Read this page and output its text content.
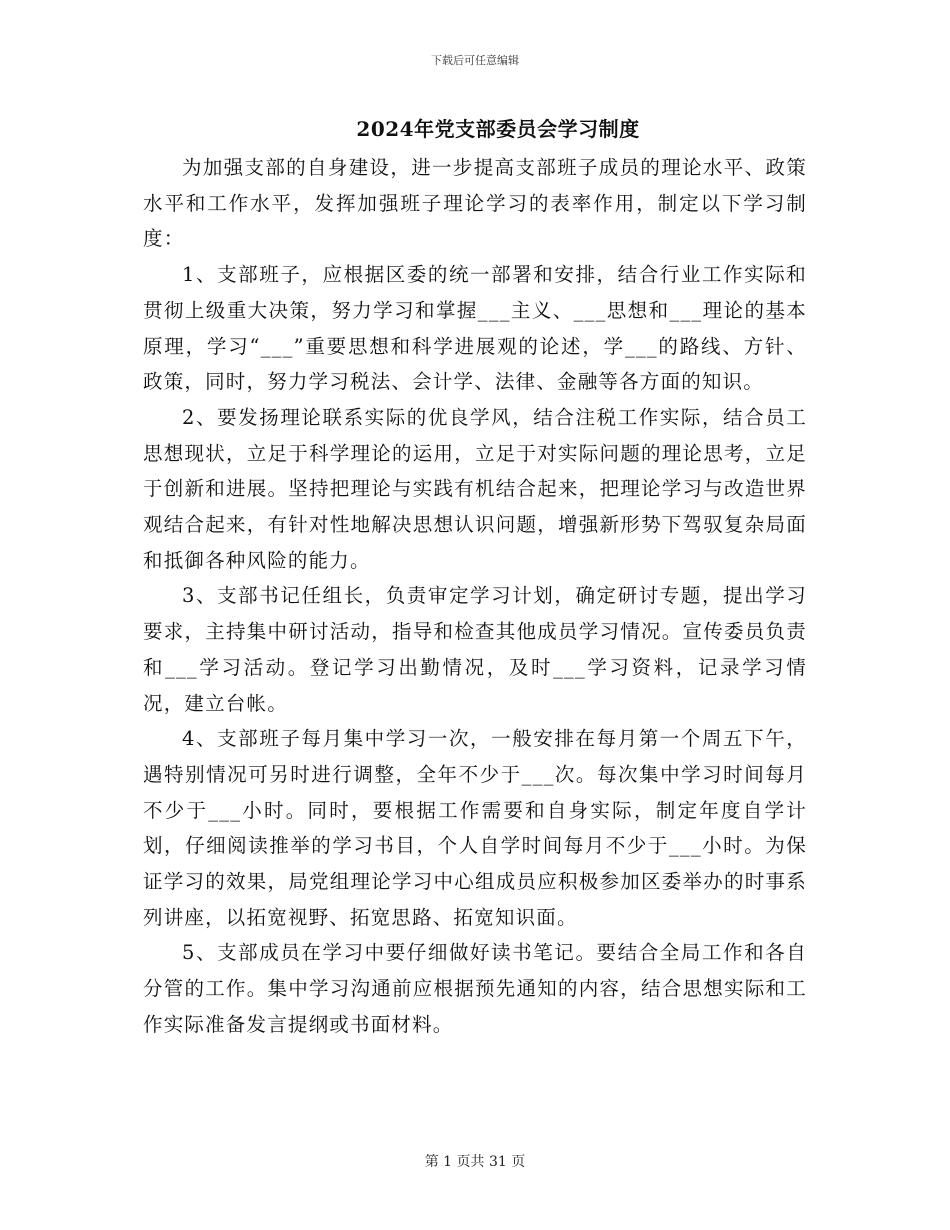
下载后可任意编辑
2024年党支部委员会学习制度

为加强支部的自身建设，进一步提高支部班子成员的理论水平、政策水平和工作水平，发挥加强班子理论学习的表率作用，制定以下学习制度：

1、支部班子，应根据区委的统一部署和安排，结合行业工作实际和贯彻上级重大决策，努力学习和掌握___主义、___思想和___理论的基本原理，学习“___”重要思想和科学进展观的论述，学___的路线、方针、政策，同时，努力学习税法、会计学、法律、金融等各方面的知识。

2、要发扬理论联系实际的优良学风，结合注税工作实际，结合员工思想现状，立足于科学理论的运用，立足于对实际问题的理论思考，立足于创新和进展。坚持把理论与实践有机结合起来，把理论学习与改造世界观结合起来，有针对性地解决思想认识问题，增强新形势下驾驭复杂局面和抵御各种风险的能力。

3、支部书记任组长，负责审定学习计划，确定研讨专题，提出学习要求，主持集中研讨活动，指导和检查其他成员学习情况。宣传委员负责和___学习活动。登记学习出勤情况，及时___学习资料，记录学习情况，建立台帐。

4、支部班子每月集中学习一次，一般安排在每月第一个周五下午，遇特别情况可另时进行调整，全年不少于___次。每次集中学习时间每月不少于___小时。同时，要根据工作需要和自身实际，制定年度自学计划，仔细阅读推举的学习书目，个人自学时间每月不少于___小时。为保证学习的效果，局党组理论学习中心组成员应积极参加区委举办的时事系列讲座，以拓宽视野、拓宽思路、拓宽知识面。

5、支部成员在学习中要仔细做好读书笔记。要结合全局工作和各自分管的工作。集中学习沟通前应根据预先通知的内容，结合思想实际和工作实际准备发言提纲或书面材料。

第 1 页共 31 页
